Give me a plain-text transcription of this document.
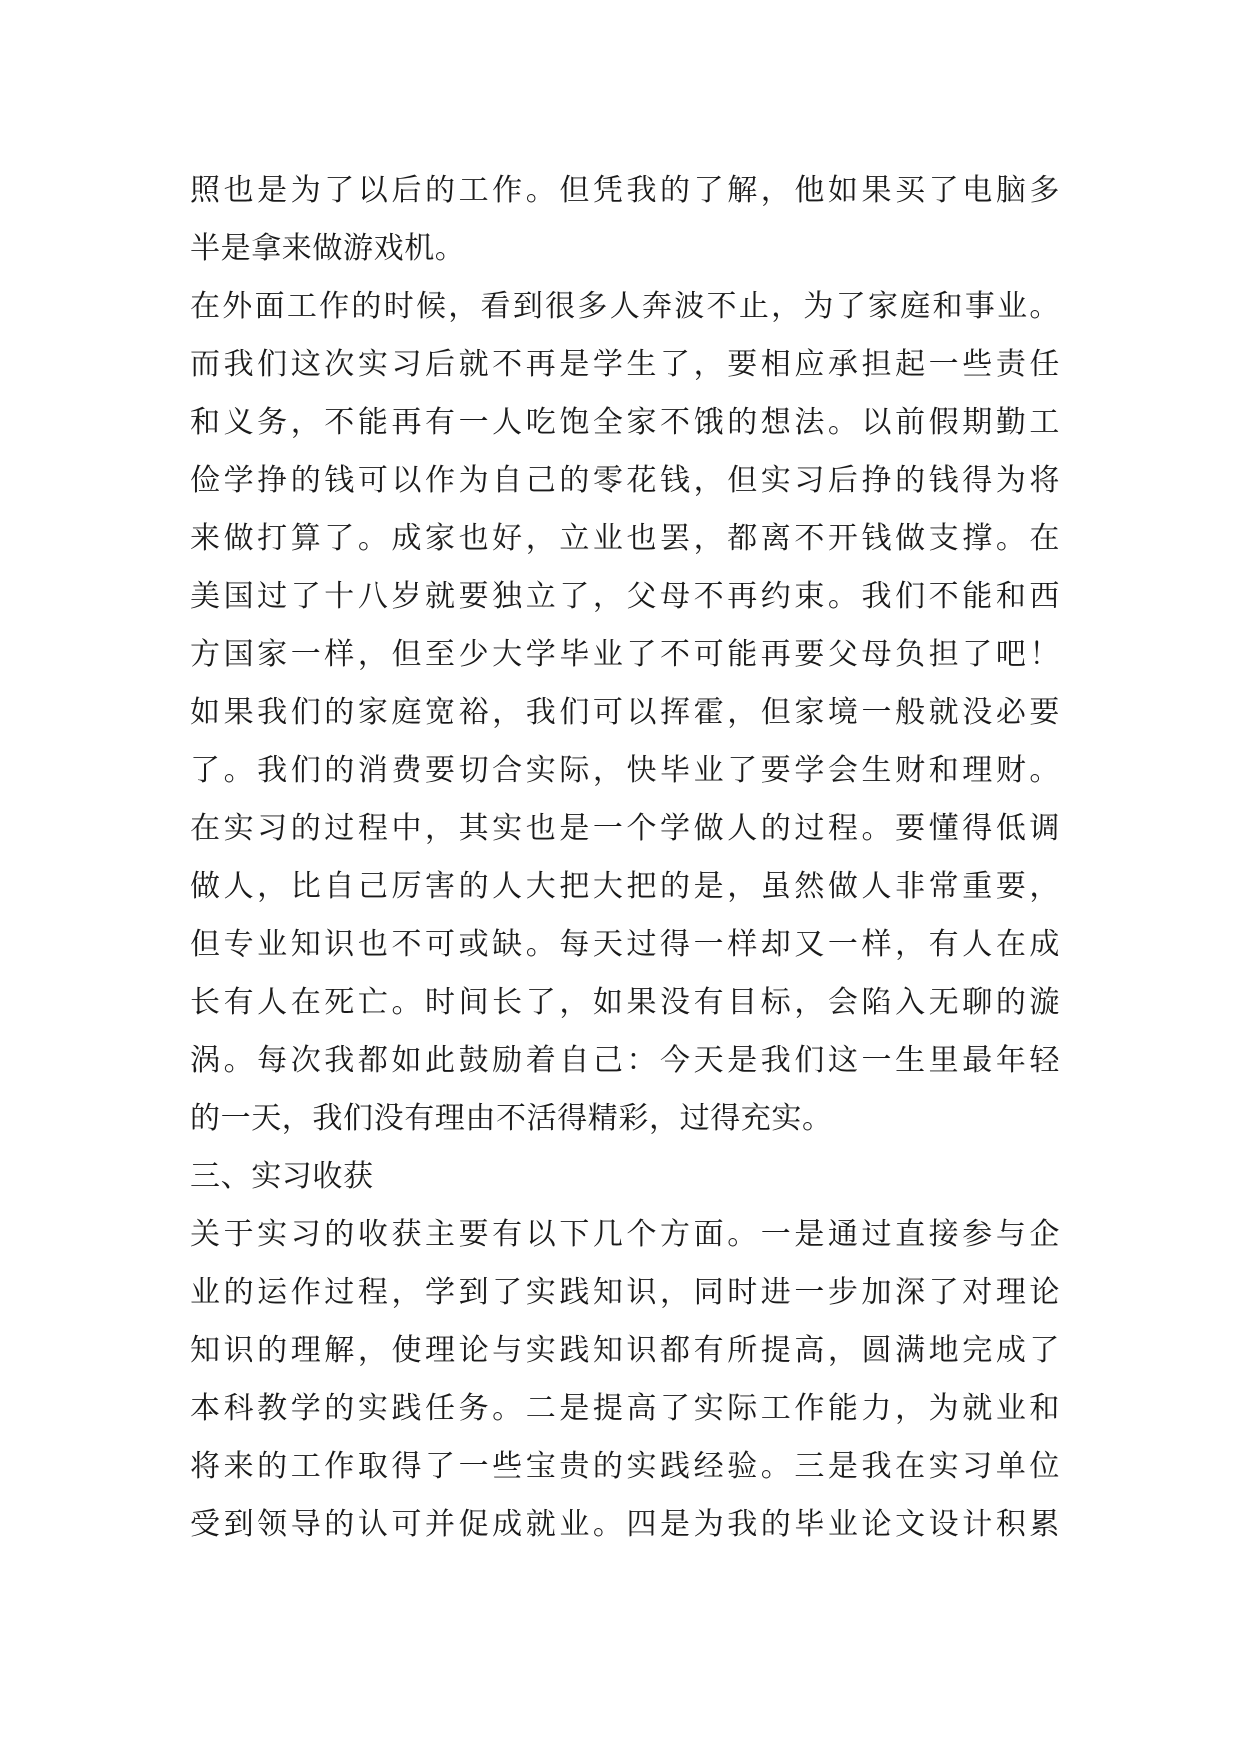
照也是为了以后的工作。但凭我的了解，他如果买了电脑多
半是拿来做游戏机。
在外面工作的时候，看到很多人奔波不止，为了家庭和事业。
而我们这次实习后就不再是学生了，要相应承担起一些责任
和义务，不能再有一人吃饱全家不饿的想法。以前假期勤工
俭学挣的钱可以作为自己的零花钱，但实习后挣的钱得为将
来做打算了。成家也好，立业也罢，都离不开钱做支撑。在
美国过了十八岁就要独立了，父母不再约束。我们不能和西
方国家一样，但至少大学毕业了不可能再要父母负担了吧！
如果我们的家庭宽裕，我们可以挥霍，但家境一般就没必要
了。我们的消费要切合实际，快毕业了要学会生财和理财。
在实习的过程中，其实也是一个学做人的过程。要懂得低调
做人，比自己厉害的人大把大把的是，虽然做人非常重要，
但专业知识也不可或缺。每天过得一样却又一样，有人在成
长有人在死亡。时间长了，如果没有目标，会陷入无聊的漩
涡。每次我都如此鼓励着自己：今天是我们这一生里最年轻
的一天，我们没有理由不活得精彩，过得充实。
三、实习收获
关于实习的收获主要有以下几个方面。一是通过直接参与企
业的运作过程，学到了实践知识，同时进一步加深了对理论
知识的理解，使理论与实践知识都有所提高，圆满地完成了
本科教学的实践任务。二是提高了实际工作能力，为就业和
将来的工作取得了一些宝贵的实践经验。三是我在实习单位
受到领导的认可并促成就业。四是为我的毕业论文设计积累
